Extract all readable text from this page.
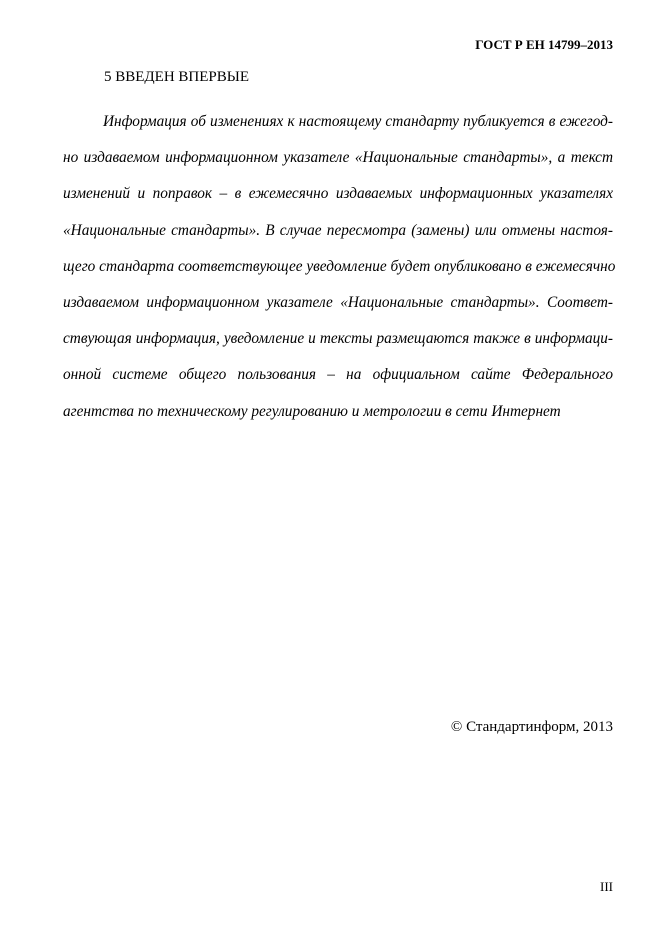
ГОСТ Р ЕН 14799–2013
5 ВВЕДЕН ВПЕРВЫЕ
Информация об изменениях к настоящему стандарту публикуется в ежегод-
но издаваемом информационном указателе «Национальные стандарты», а текст
изменений и поправок – в ежемесячно издаваемых информационных указателях
«Национальные стандарты». В случае пересмотра (замены) или отмены настоя-
щего стандарта соответствующее уведомление будет опубликовано в ежемесячно
издаваемом информационном указателе «Национальные стандарты». Соответ-
ствующая информация, уведомление и тексты размещаются также в информаци-
онной системе общего пользования – на официальном сайте Федерального
агентства по техническому регулированию и метрологии в сети Интернет
© Стандартинформ, 2013
III
